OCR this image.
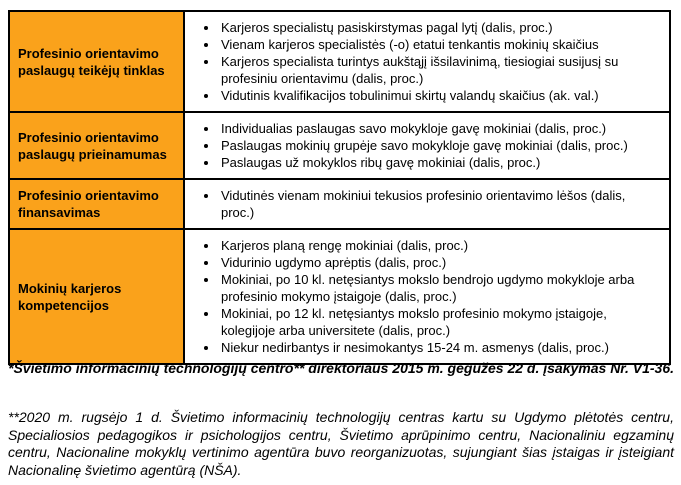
Profesinio orientavimo paslaugų teikėjų tinklas
• Karjeros specialistų pasiskirstymas pagal lytį (dalis, proc.)
• Vienam karjeros specialistės (-o) etatui tenkantis mokinių skaičius
• Karjeros specialista turintys aukštąjį išsilavinimą, tiesiogiai susijusį su profesiniu orientavimu (dalis, proc.)
• Vidutinis kvalifikacijos tobulinimui skirtų valandų skaičius (ak. val.)
Profesinio orientavimo paslaugų prieinamumas
• Individualias paslaugas savo mokykloje gavę mokiniai (dalis, proc.)
• Paslaugas mokinių grupėje savo mokykloje gavę mokiniai (dalis, proc.)
• Paslaugas už mokyklos ribų gavę mokiniai (dalis, proc.)
Profesinio orientavimo finansavimas
• Vidutinės vienam mokiniui tekusios profesinio orientavimo lėšos (dalis, proc.)
Mokinių karjeros kompetencijos
• Karjeros planą rengę mokiniai (dalis, proc.)
• Vidurinio ugdymo aprėptis (dalis, proc.)
• Mokiniai, po 10 kl. netęsiantys mokslo bendrojo ugdymo mokykloje arba profesinio mokymo įstaigoje (dalis, proc.)
• Mokiniai, po 12 kl. netęsiantys mokslo profesinio mokymo įstaigoje, kolegijoje arba universitete (dalis, proc.)
• Niekur nedirbantys ir nesimokantys 15-24 m. asmenys (dalis, proc.)

*Švietimo informacinių technologijų centro** direktoriaus 2015 m. gegužės 22 d. įsakymas Nr. V1-36.

**2020 m. rugsėjo 1 d. Švietimo informacinių technologijų centras kartu su Ugdymo plėtotės centru, Specialiosios pedagogikos ir psichologijos centru, Švietimo aprūpinimo centru, Nacionaliniu egzaminų centru, Nacionaline mokyklų vertinimo agentūra buvo reorganizuotas, sujungiant šias įstaigas ir įsteigiant Nacionalinę švietimo agentūrą (NŠA).
